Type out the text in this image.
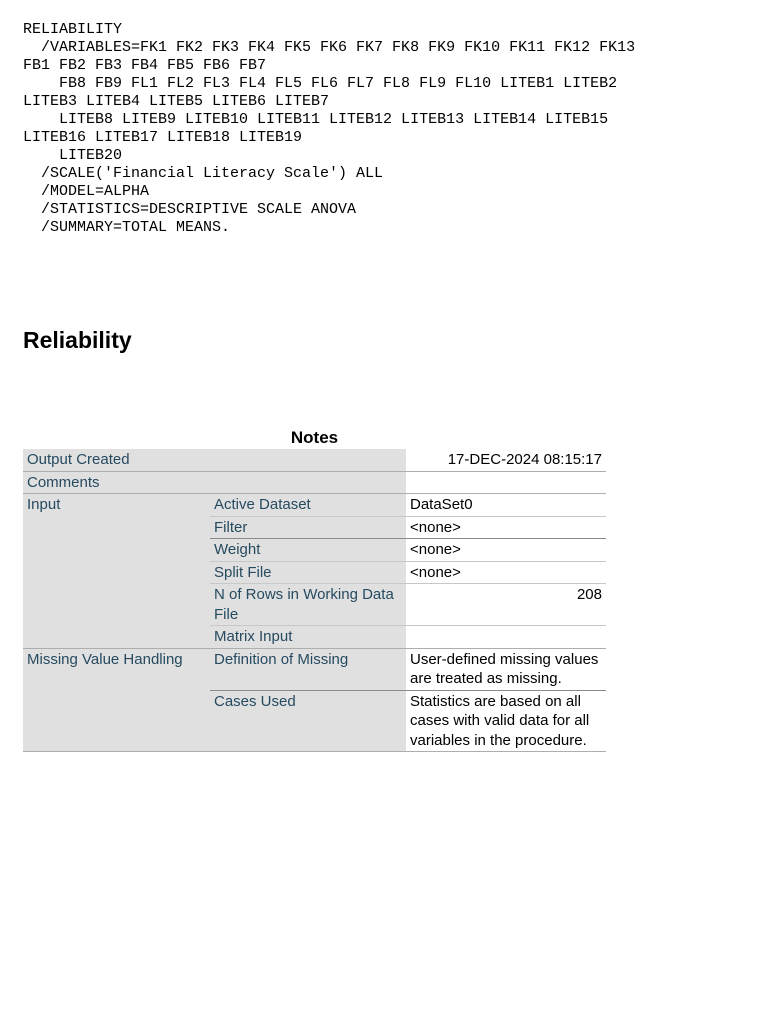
RELIABILITY
/VARIABLES=FK1 FK2 FK3 FK4 FK5 FK6 FK7 FK8 FK9 FK10 FK11 FK12 FK13
FB1 FB2 FB3 FB4 FB5 FB6 FB7
FB8 FB9 FL1 FL2 FL3 FL4 FL5 FL6 FL7 FL8 FL9 FL10 LITEB1 LITEB2
LITEB3 LITEB4 LITEB5 LITEB6 LITEB7
LITEB8 LITEB9 LITEB10 LITEB11 LITEB12 LITEB13 LITEB14 LITEB15
LITEB16 LITEB17 LITEB18 LITEB19
LITEB20
/SCALE('Financial Literacy Scale') ALL
/MODEL=ALPHA
/STATISTICS=DESCRIPTIVE SCALE ANOVA
/SUMMARY=TOTAL MEANS.
Reliability
Notes
Output Created		17-DEC-2024 08:15:17
Comments		
Input	Active Dataset	DataSet0
	Filter	<none>
	Weight	<none>
	Split File	<none>
	N of Rows in Working Data File	208
	Matrix Input	
Missing Value Handling	Definition of Missing	User-defined missing values are treated as missing.
	Cases Used	Statistics are based on all cases with valid data for all variables in the procedure.
